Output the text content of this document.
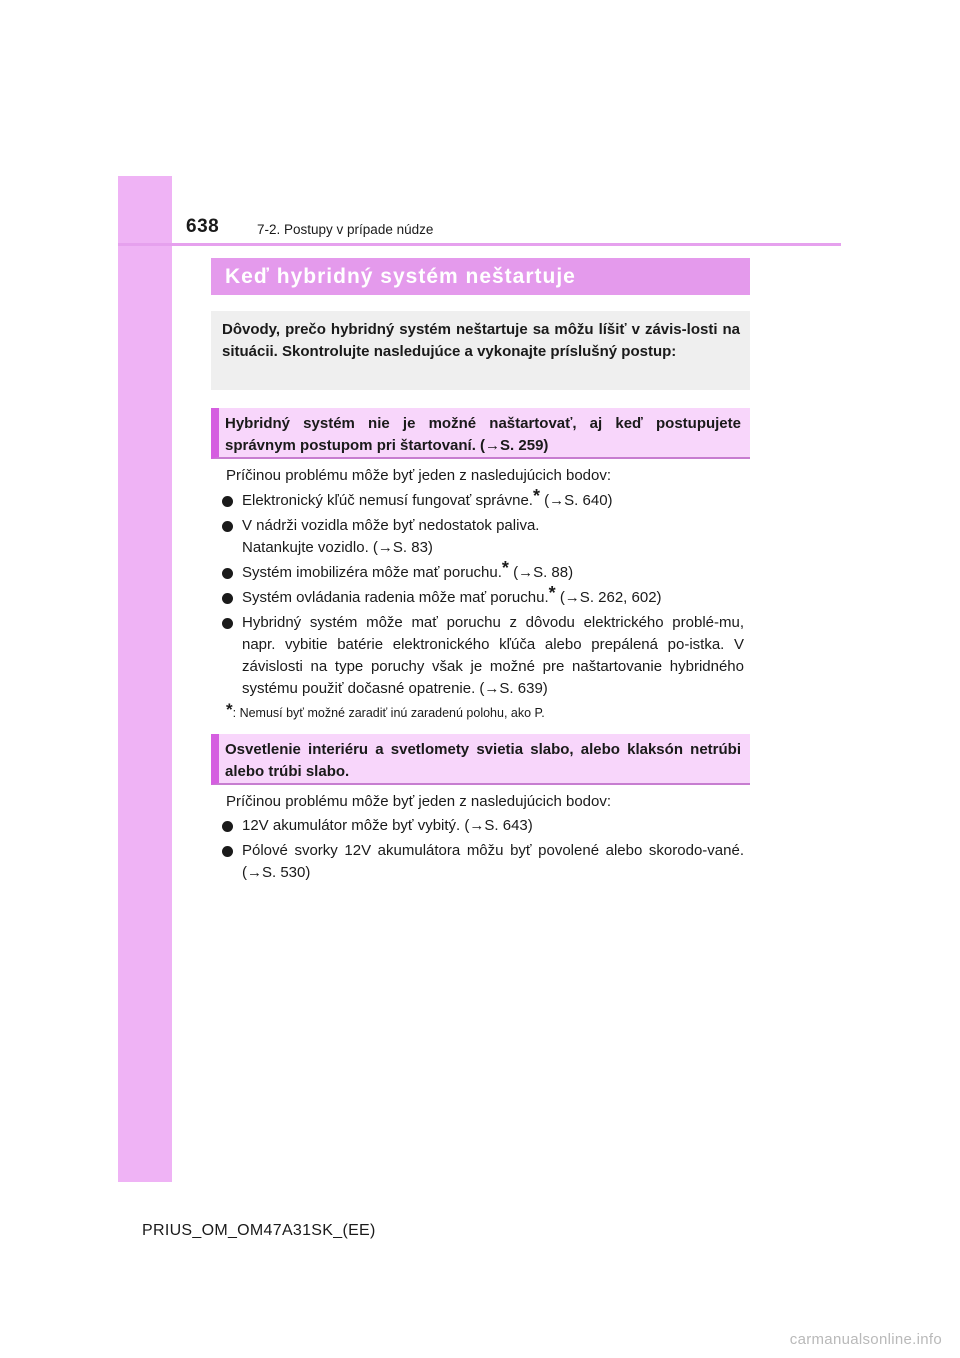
638	7-2. Postupy v prípade núdze
Keď hybridný systém neštartuje
Dôvody, prečo hybridný systém neštartuje sa môžu líšiť v závis-losti na situácii. Skontrolujte nasledujúce a vykonajte príslušný postup:
Hybridný systém nie je možné naštartovať, aj keď postupujete správnym postupom pri štartovaní. (→S. 259)
Príčinou problému môže byť jeden z nasledujúcich bodov:
Elektronický kľúč nemusí fungovať správne.* (→S. 640)
V nádrži vozidla môže byť nedostatok paliva.
Natankujte vozidlo. (→S. 83)
Systém imobilizéra môže mať poruchu.* (→S. 88)
Systém ovládania radenia môže mať poruchu.* (→S. 262, 602)
Hybridný systém môže mať poruchu z dôvodu elektrického problé-mu, napr. vybitie batérie elektronického kľúča alebo prepálená po-istka. V závislosti na type poruchy však je možné pre naštartovanie hybridného systému použiť dočasné opatrenie. (→S. 639)
*: Nemusí byť možné zaradiť inú zaradenú polohu, ako P.
Osvetlenie interiéru a svetlomety svietia slabo, alebo klaksón netrúbi alebo trúbi slabo.
Príčinou problému môže byť jeden z nasledujúcich bodov:
12V akumulátor môže byť vybitý. (→S. 643)
Pólové svorky 12V akumulátora môžu byť povolené alebo skorodo-vané. (→S. 530)
PRIUS_OM_OM47A31SK_(EE)
carmanualsonline.info
